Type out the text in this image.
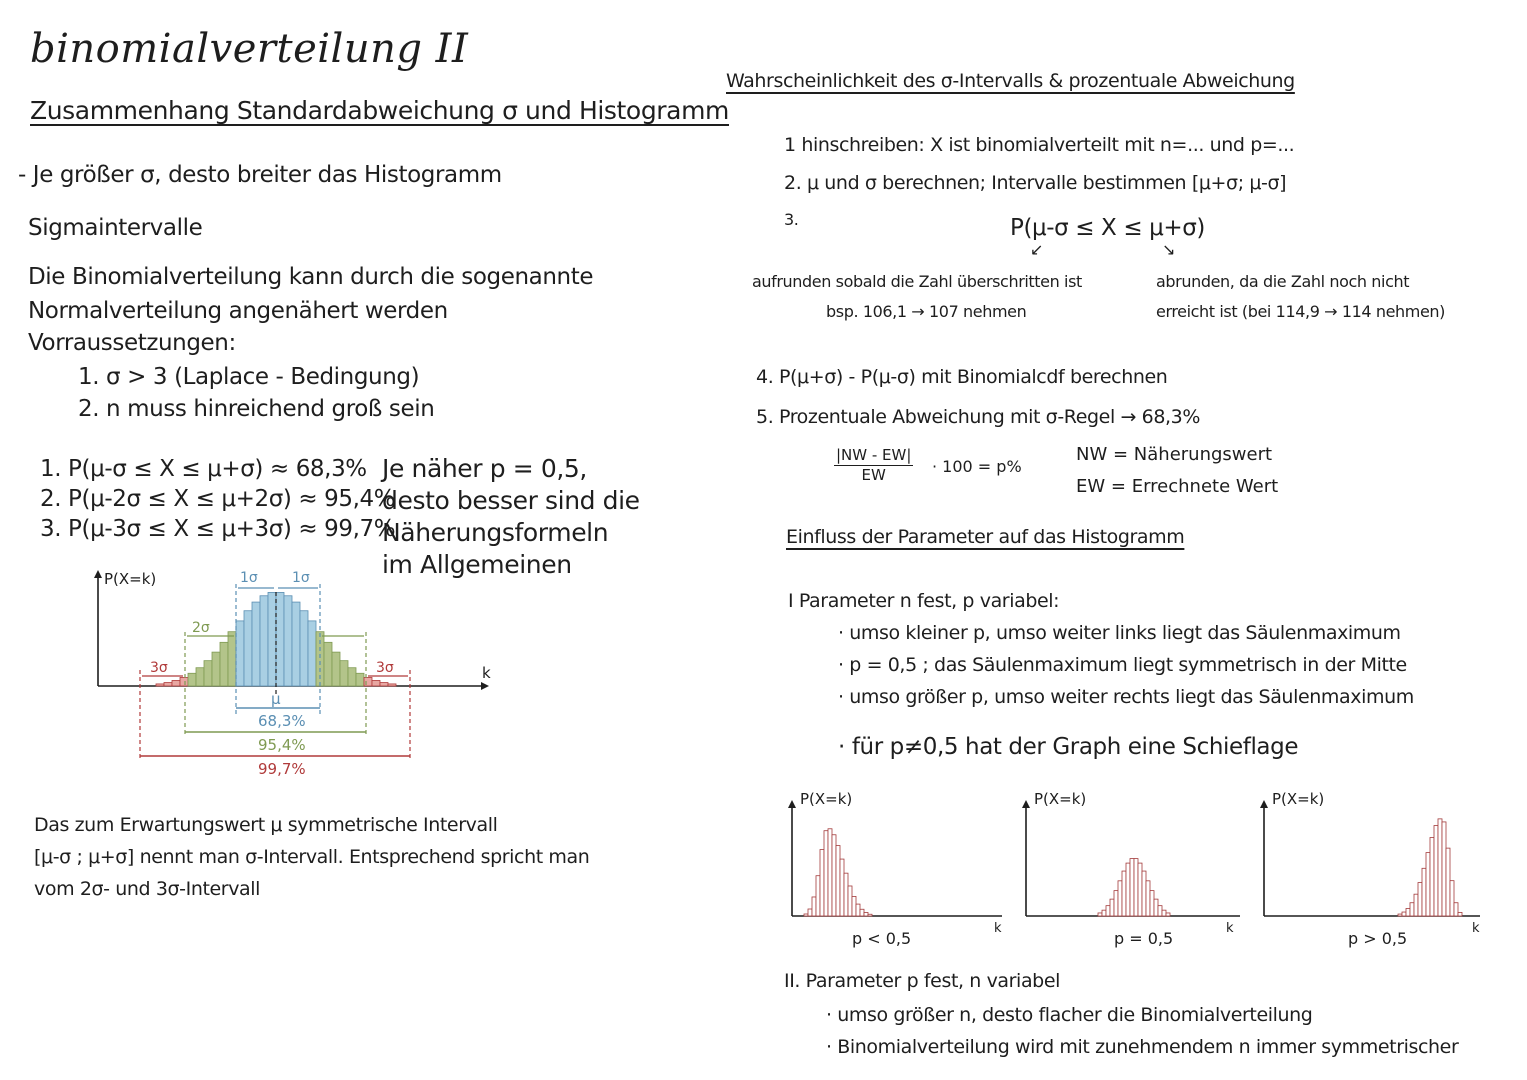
binomialverteilung II
Zusammenhang Standardabweichung σ und Histogramm
- Je größer σ, desto breiter das Histogramm
Sigmaintervalle
Die Binomialverteilung kann durch die sogenannte
Normalverteilung angenähert werden
Vorraussetzungen:
1. σ > 3 (Laplace - Bedingung)
2. n muss hinreichend groß sein
1. P(μ-σ ≤ X ≤ μ+σ) ≈ 68,3%
2. P(μ-2σ ≤ X ≤ μ+2σ) ≈ 95,4%
3. P(μ-3σ ≤ X ≤ μ+3σ) ≈ 99,7%
Je näher p = 0,5,
desto besser sind die
Näherungsformeln
im Allgemeinen
P(X=k)
k
μ
1σ 1σ
68,3%
2σ
95,4%
3σ	3σ
99,7%
Das zum Erwartungswert μ symmetrische Intervall
[μ-σ ; μ+σ] nennt man σ-Intervall. Entsprechend spricht man
vom 2σ- und 3σ-Intervall
Wahrscheinlichkeit des σ-Intervalls & prozentuale Abweichung
1 hinschreiben: X ist binomialverteilt mit n=... und p=...
2. μ und σ berechnen; Intervalle bestimmen [μ+σ; μ-σ]
3.	P(μ-σ ≤ X ≤ μ+σ)
↙	↘
aufrunden sobald die Zahl überschritten ist
bsp. 106,1 → 107 nehmen
abrunden, da die Zahl noch nicht
erreicht ist (bei 114,9 → 114 nehmen)
4. P(μ+σ) - P(μ-σ) mit Binomialcdf berechnen
5. Prozentuale Abweichung mit σ-Regel → 68,3%
$\frac{|NW - EW|}{EW} \cdot 100 = p\%$
NW = Näherungswert
EW = Errechnete Wert
Einfluss der Parameter auf das Histogramm
I Parameter n fest, p variabel:
· umso kleiner p, umso weiter links liegt das Säulenmaximum
· p = 0,5 ; das Säulenmaximum liegt symmetrisch in der Mitte
· umso größer p, umso weiter rechts liegt das Säulenmaximum
· für p≠0,5 hat der Graph eine Schieflage
P(X=k)
k
p < 0,5
P(X=k)
k
p = 0,5
P(X=k)
k
p > 0,5
II. Parameter p fest, n variabel
· umso größer n, desto flacher die Binomialverteilung
· Binomialverteilung wird mit zunehmendem n immer symmetrischer
